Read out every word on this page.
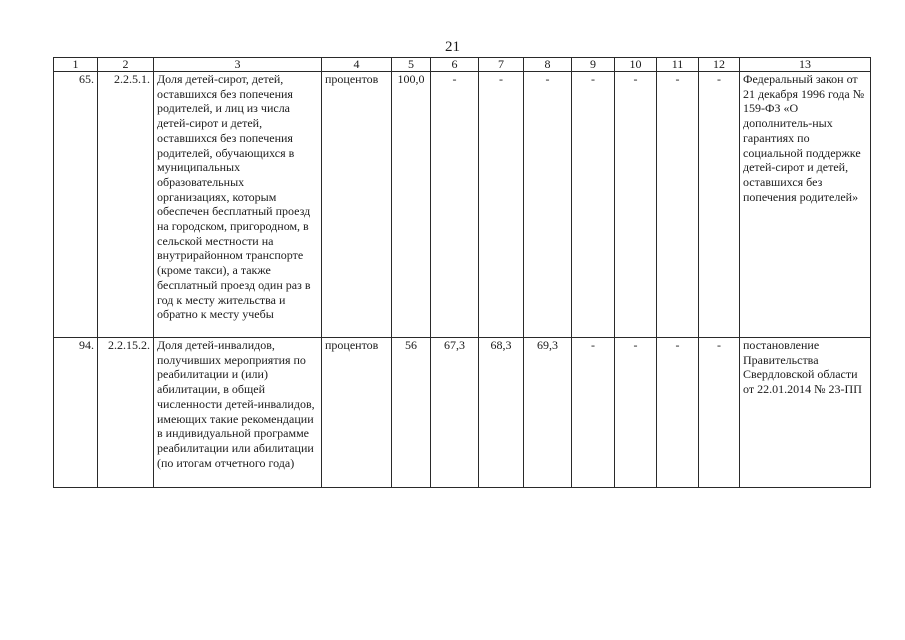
21
1	2	3	4	5	6	7	8	9	10	11	12	13
65.	2.2.5.1.	Доля детей-сирот, детей, оставшихся без попечения родителей, и лиц из числа детей-сирот и детей, оставшихся без попечения родителей, обучающихся в муниципальных образовательных организациях, которым обеспечен бесплатный проезд на городском, пригородном, в сельской местности на внутрирайонном транспорте (кроме такси), а также бесплатный проезд один раз в год к месту жительства и обратно к месту учебы	процентов	100,0	-	-	-	-	-	-	-	Федеральный закон от 21 декабря 1996 года № 159-ФЗ «О дополнитель-ных гарантиях по социальной поддержке детей-сирот и детей, оставшихся без попечения родителей»
94.	2.2.15.2.	Доля детей-инвалидов, получивших мероприятия по реабилитации и (или) абилитации, в общей численности детей-инвалидов, имеющих такие рекомендации в индивидуальной программе реабилитации или абилитации (по итогам отчетного года)	процентов	56	67,3	68,3	69,3	-	-	-	-	постановление Правительства Свердловской области от 22.01.2014 № 23-ПП
